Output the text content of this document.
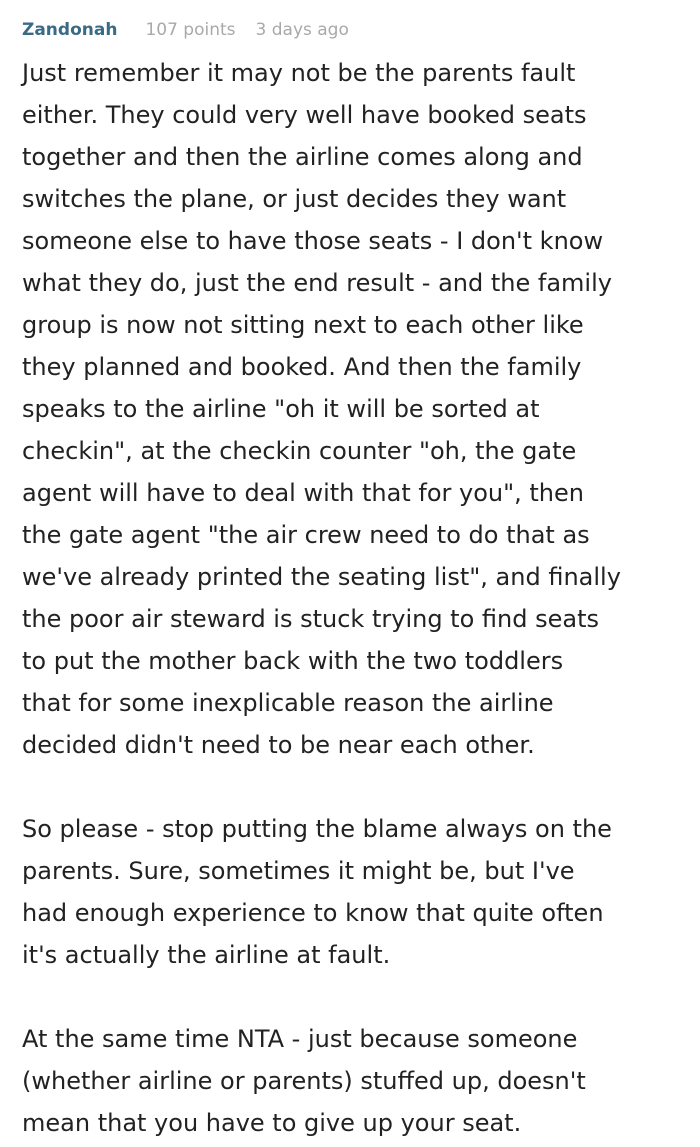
Zandonah 107 points 3 days ago

Just remember it may not be the parents fault
either. They could very well have booked seats
together and then the airline comes along and
switches the plane, or just decides they want
someone else to have those seats - I don't know
what they do, just the end result - and the family
group is now not sitting next to each other like
they planned and booked. And then the family
speaks to the airline "oh it will be sorted at
checkin", at the checkin counter "oh, the gate
agent will have to deal with that for you", then
the gate agent "the air crew need to do that as
we've already printed the seating list", and finally
the poor air steward is stuck trying to find seats
to put the mother back with the two toddlers
that for some inexplicable reason the airline
decided didn't need to be near each other.

So please - stop putting the blame always on the
parents. Sure, sometimes it might be, but I've
had enough experience to know that quite often
it's actually the airline at fault.

At the same time NTA - just because someone
(whether airline or parents) stuffed up, doesn't
mean that you have to give up your seat.
